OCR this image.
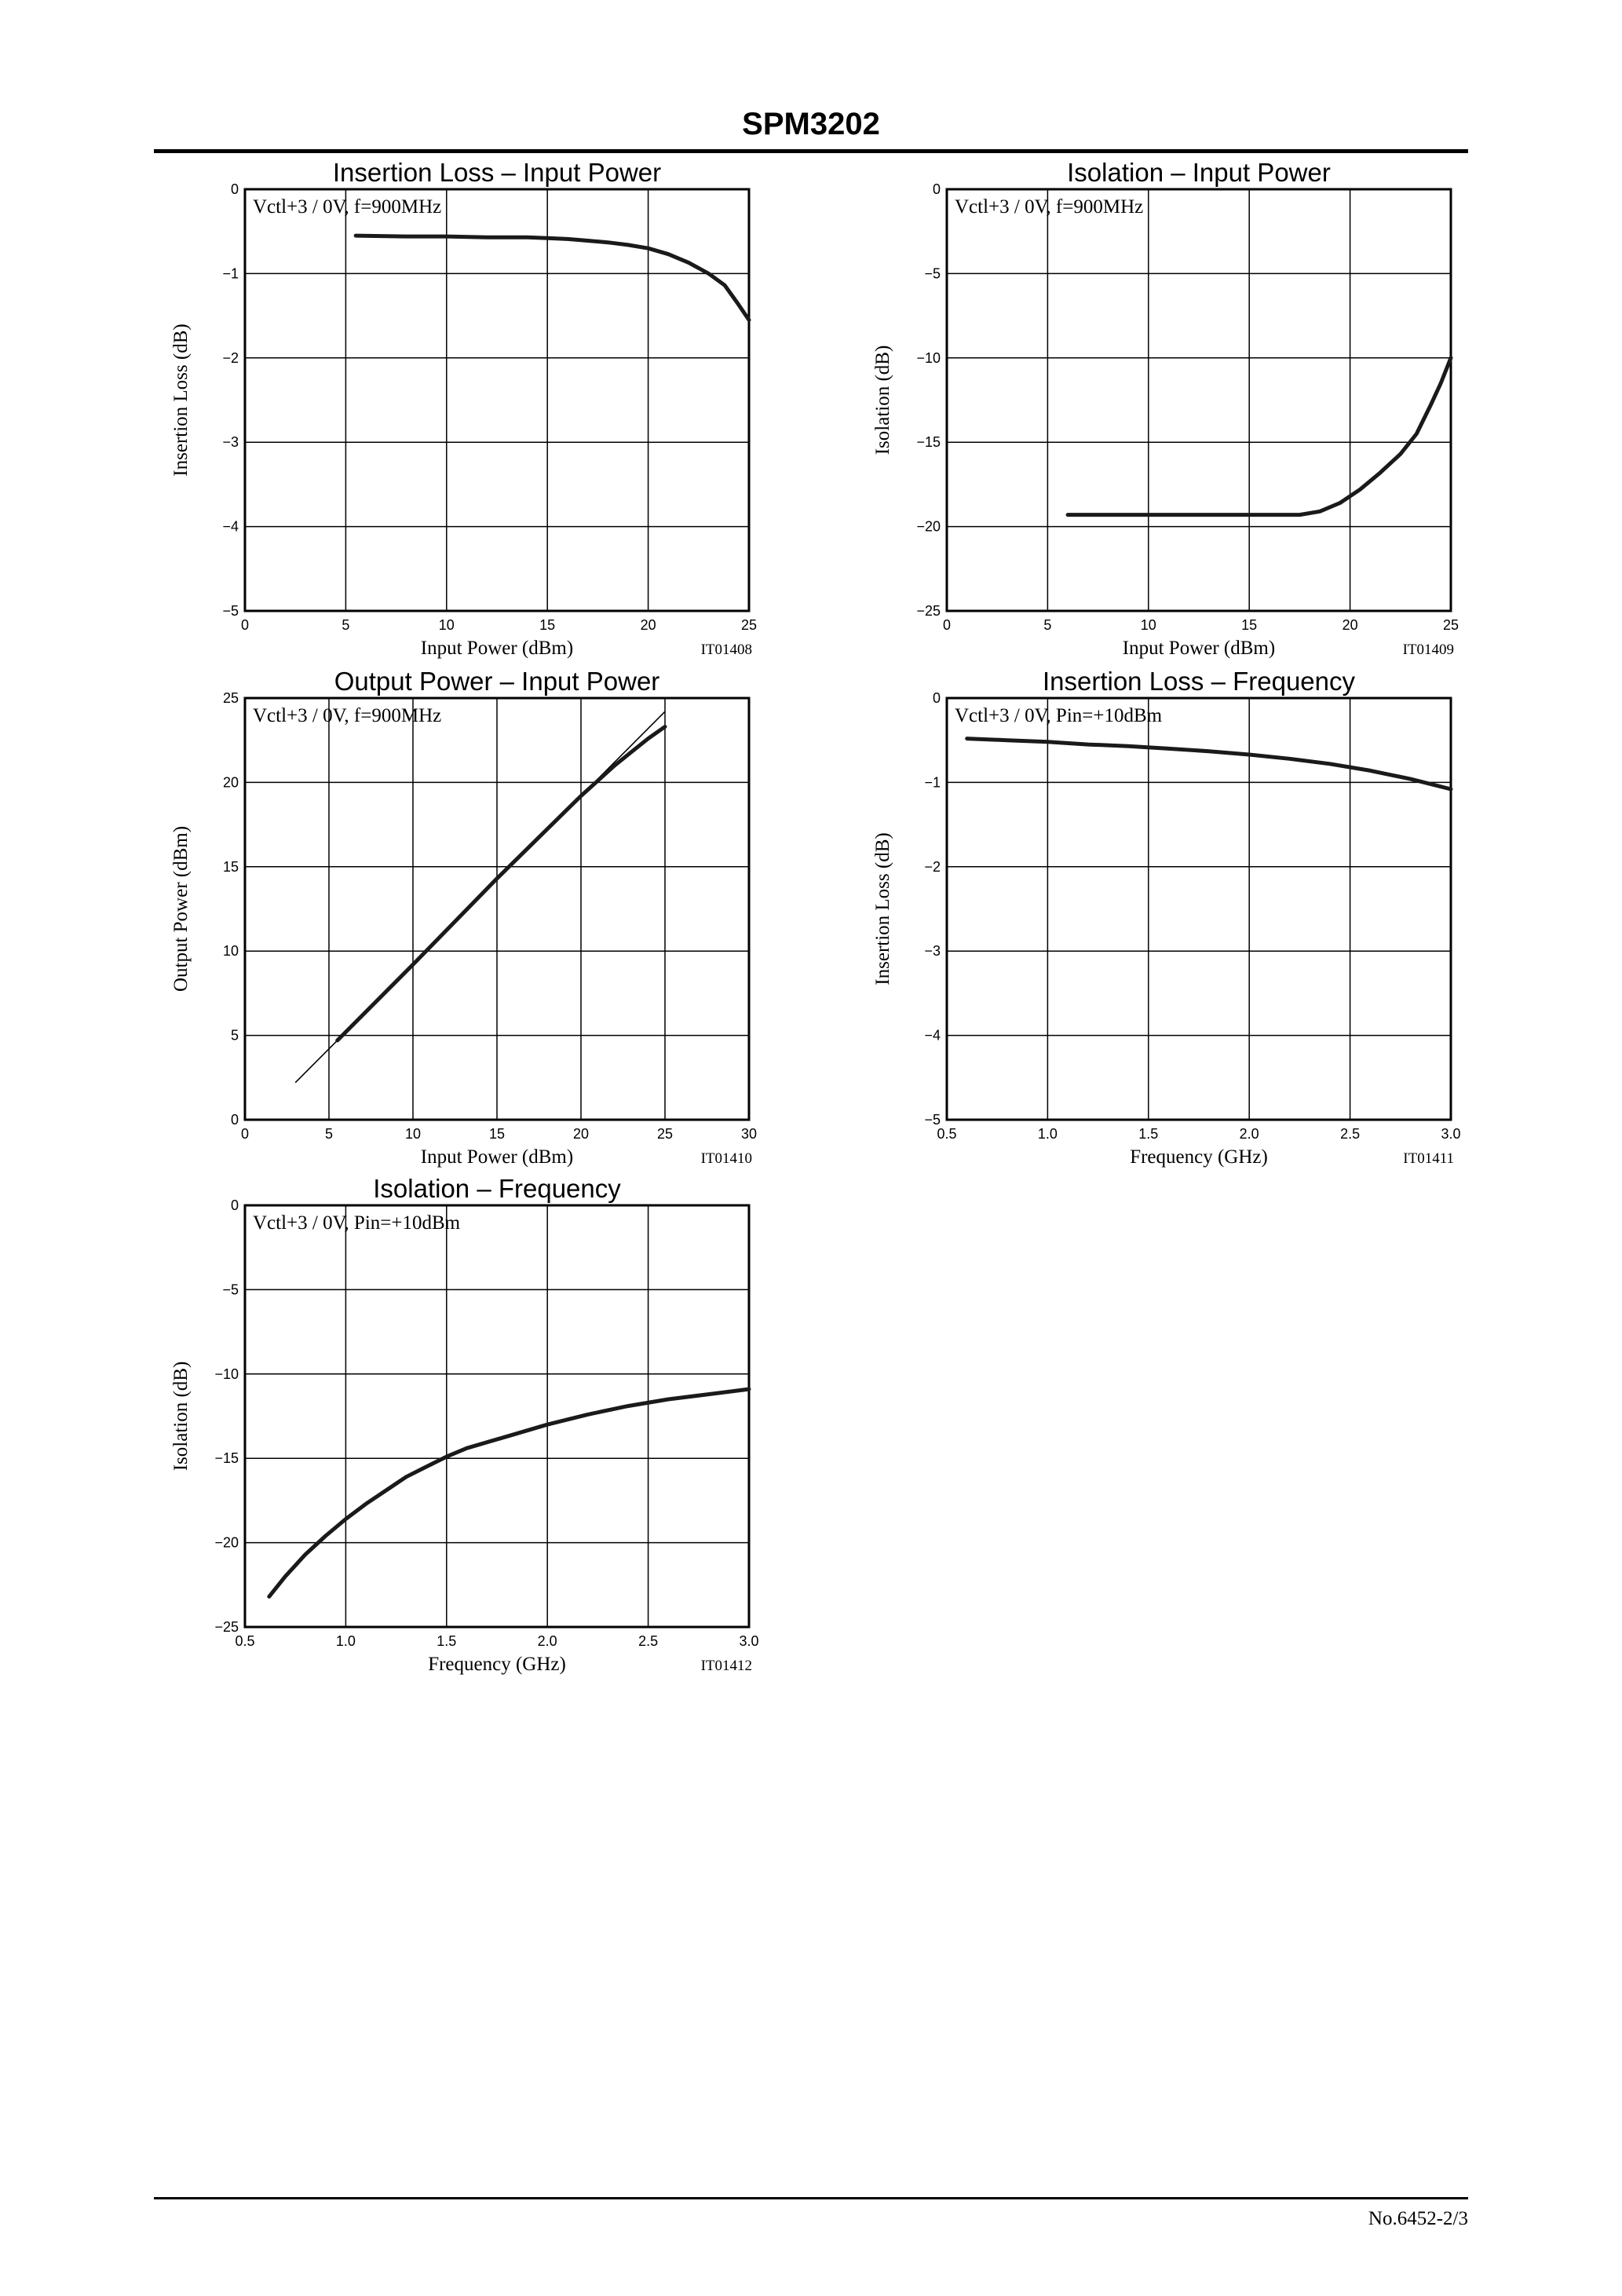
SPM3202
Insertion Loss – Input Power
0	5	10	15	20	25
0
−1
−2
−3
−4
−5
Vctl+3 / 0V, f=900MHz
Input Power (dBm)	IT01408
Insertion Loss (dB)
Isolation – Input Power
0	5	10	15	20	25
0
−5
−10
−15
−20
−25
Vctl+3 / 0V, f=900MHz
Input Power (dBm)	IT01409
Isolation (dB)
Output Power – Input Power
0	5	10	15	20	25	30
0
5
10
15
20
25
Vctl+3 / 0V, f=900MHz
Input Power (dBm)	IT01410
Output Power (dBm)
Insertion Loss – Frequency
0.5	1.0	1.5	2.0	2.5	3.0
0
−1
−2
−3
−4
−5
Vctl+3 / 0V, Pin=+10dBm
Frequency (GHz)	IT01411
Insertion Loss (dB)
Isolation – Frequency
0.5	1.0	1.5	2.0	2.5	3.0
0
−5
−10
−15
−20
−25
Vctl+3 / 0V, Pin=+10dBm
Frequency (GHz)	IT01412
Isolation (dB)
No.6452-2/3
